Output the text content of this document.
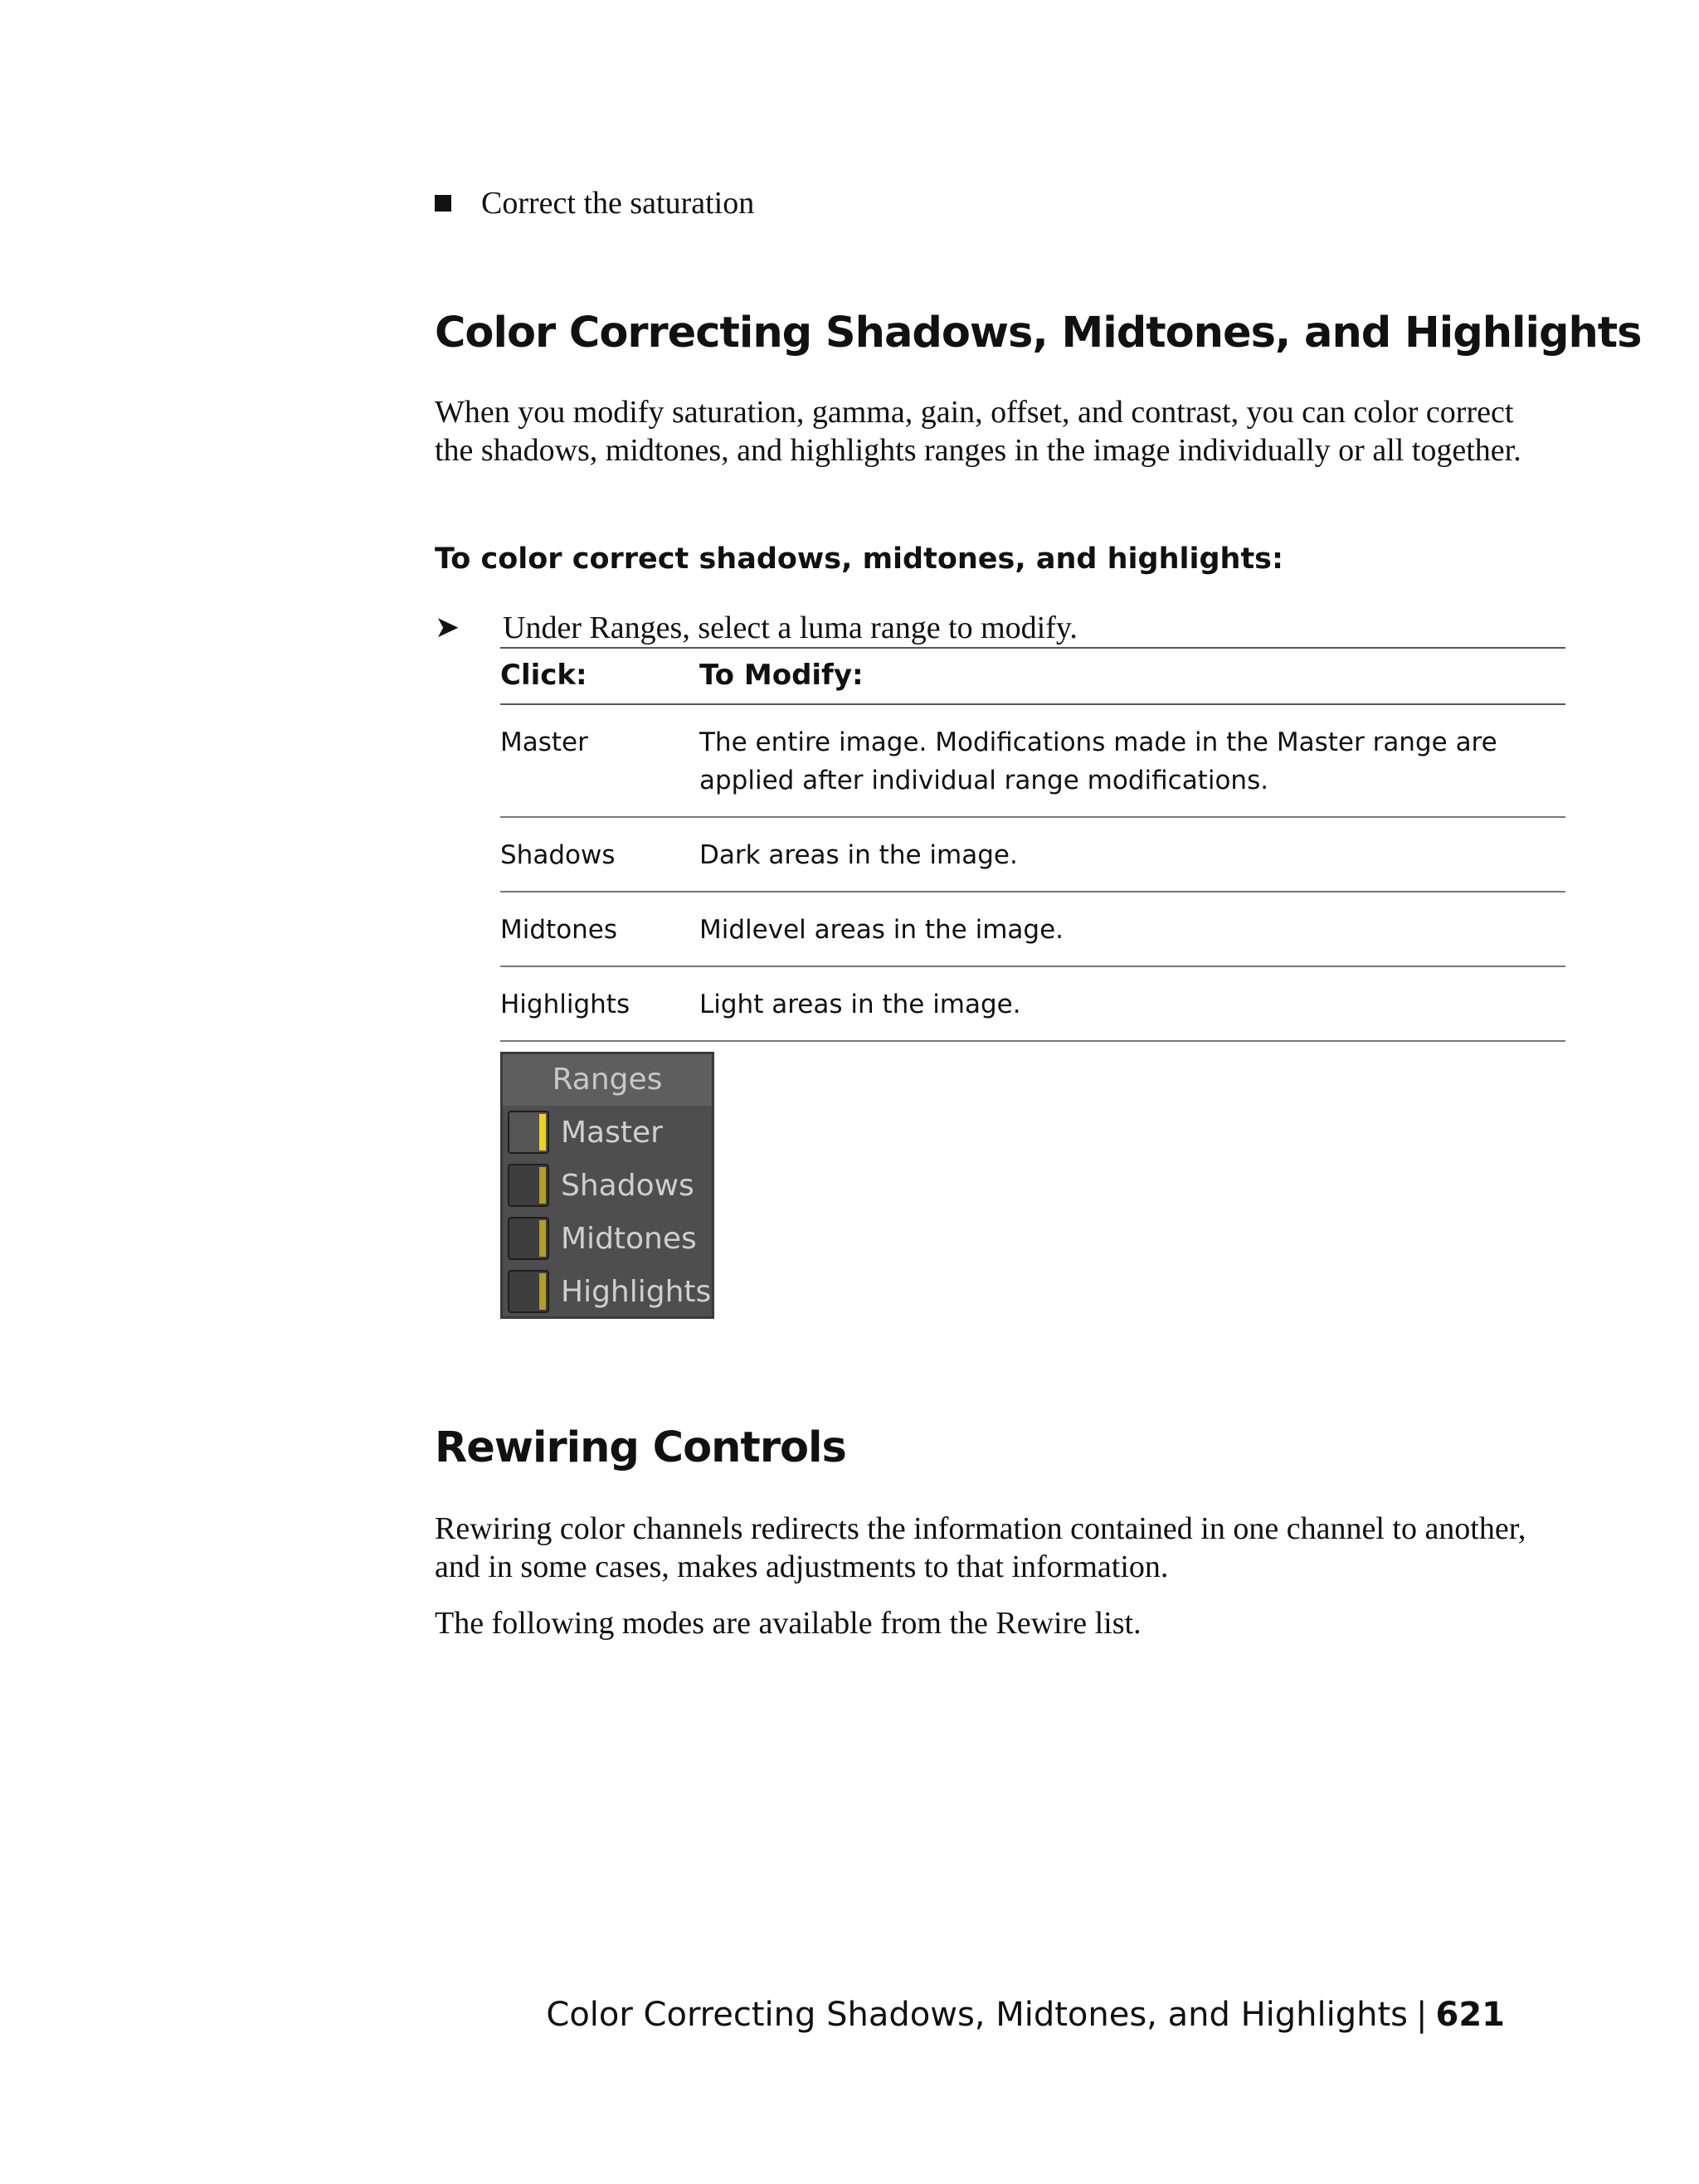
Correct the saturation
Color Correcting Shadows, Midtones, and Highlights

When you modify saturation, gamma, gain, offset, and contrast, you can color correct the shadows, midtones, and highlights ranges in the image individually or all together.

To color correct shadows, midtones, and highlights:

➤	Under Ranges, select a luma range to modify.
Click:	To Modify:
Master	The entire image. Modifications made in the Master range are applied after individual range modifications.
Shadows	Dark areas in the image.
Midtones	Midlevel areas in the image.
Highlights	Light areas in the image.
Ranges
Master
Shadows
Midtones
Highlights
Rewiring Controls

Rewiring color channels redirects the information contained in one channel to another, and in some cases, makes adjustments to that information.

The following modes are available from the Rewire list.

Color Correcting Shadows, Midtones, and Highlights | 621
